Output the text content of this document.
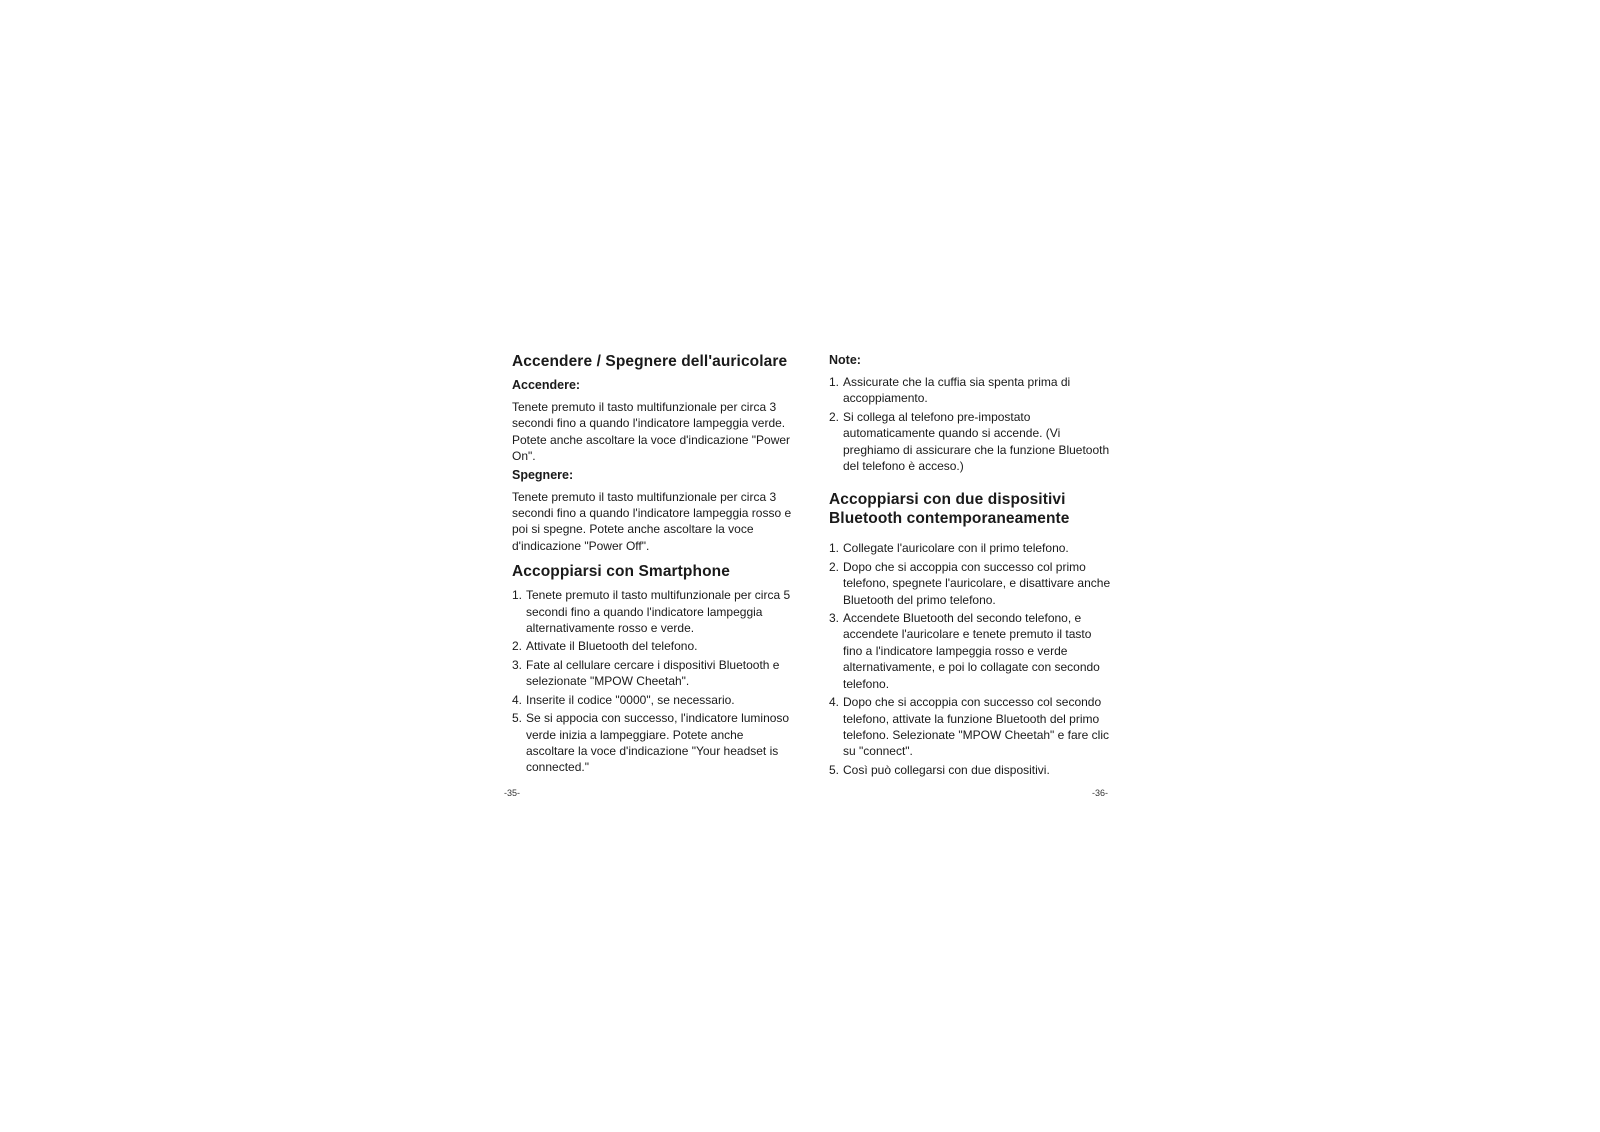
Accendere / Spegnere dell'auricolare
Accendere:

Tenete premuto il tasto multifunzionale per circa 3 secondi fino a quando l'indicatore lampeggia verde. Potete anche ascoltare la voce d'indicazione "Power On".

Spegnere:

Tenete premuto il tasto multifunzionale per circa 3 secondi fino a quando l'indicatore lampeggia rosso e poi si spegne. Potete anche ascoltare la voce d'indicazione "Power Off".

Accoppiarsi con Smartphone
1. Tenete premuto il tasto multifunzionale per circa 5 secondi fino a quando l'indicatore lampeggia alternativamente rosso e verde.
2. Attivate il Bluetooth del telefono.
3. Fate al cellulare cercare i dispositivi Bluetooth e selezionate "MPOW Cheetah".
4. Inserite il codice "0000", se necessario.
5. Se si appocia con successo, l'indicatore luminoso verde inizia a lampeggiare. Potete anche ascoltare la voce d'indicazione "Your headset is connected."
Note:
1. Assicurate che la cuffia sia spenta prima di accoppiamento.
2. Si collega al telefono pre-impostato automaticamente quando si accende. (Vi preghiamo di assicurare che la funzione Bluetooth del telefono è acceso.)
Accoppiarsi con due dispositivi Bluetooth contemporaneamente
1. Collegate l'auricolare con il primo telefono.
2. Dopo che si accoppia con successo col primo telefono, spegnete l'auricolare, e disattivare anche Bluetooth del primo telefono.
3. Accendete Bluetooth del secondo telefono, e accendete l'auricolare e tenete premuto il tasto fino a l'indicatore lampeggia rosso e verde alternativamente, e poi lo collagate con secondo telefono.
4. Dopo che si accoppia con successo col secondo telefono, attivate la funzione Bluetooth del primo telefono. Selezionate "MPOW Cheetah" e fare clic su "connect".
5. Così può collegarsi con due dispositivi.
-35-	-36-
